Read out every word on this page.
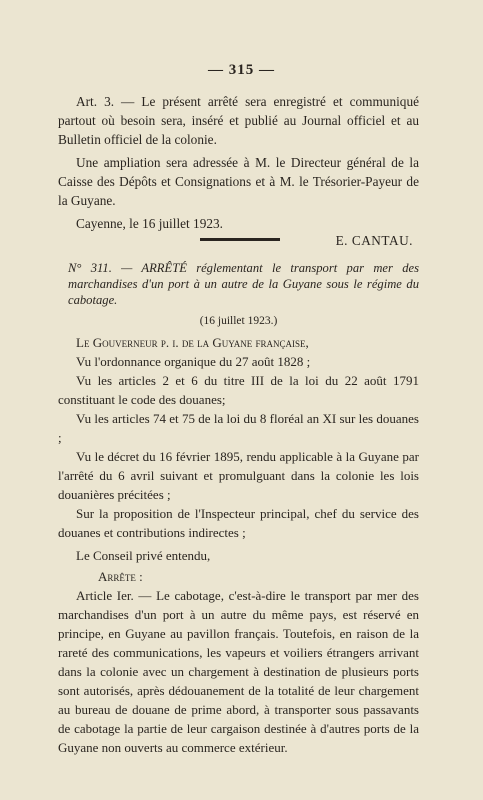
— 315 —

Art. 3. — Le présent arrêté sera enregistré et communiqué partout où besoin sera, inséré et publié au Journal officiel et au Bulletin officiel de la colonie.

Une ampliation sera adressée à M. le Directeur général de la Caisse des Dépôts et Consignations et à M. le Trésorier-Payeur de la Guyane.

Cayenne, le 16 juillet 1923.

E. CANTAU.

N° 311. — ARRÊTÉ réglementant le transport par mer des marchandises d'un port à un autre de la Guyane sous le régime du cabotage.

(16 juillet 1923.)

Le Gouverneur p. i. de la Guyane française,

Vu l'ordonnance organique du 27 août 1828 ;

Vu les articles 2 et 6 du titre III de la loi du 22 août 1791 constituant le code des douanes;

Vu les articles 74 et 75 de la loi du 8 floréal an XI sur les douanes ;

Vu le décret du 16 février 1895, rendu applicable à la Guyane par l'arrêté du 6 avril suivant et promulguant dans la colonie les lois douanières précitées ;

Sur la proposition de l'Inspecteur principal, chef du service des douanes et contributions indirectes ;

Le Conseil privé entendu,

Arrête :

Article Ier. — Le cabotage, c'est-à-dire le transport par mer des marchandises d'un port à un autre du même pays, est réservé en principe, en Guyane au pavillon français. Toutefois, en raison de la rareté des communications, les vapeurs et voiliers étrangers arrivant dans la colonie avec un chargement à destination de plusieurs ports sont autorisés, après dédouanement de la totalité de leur chargement au bureau de douane de prime abord, à transporter sous passavants de cabotage la partie de leur cargaison destinée à d'autres ports de la Guyane non ouverts au commerce extérieur.
